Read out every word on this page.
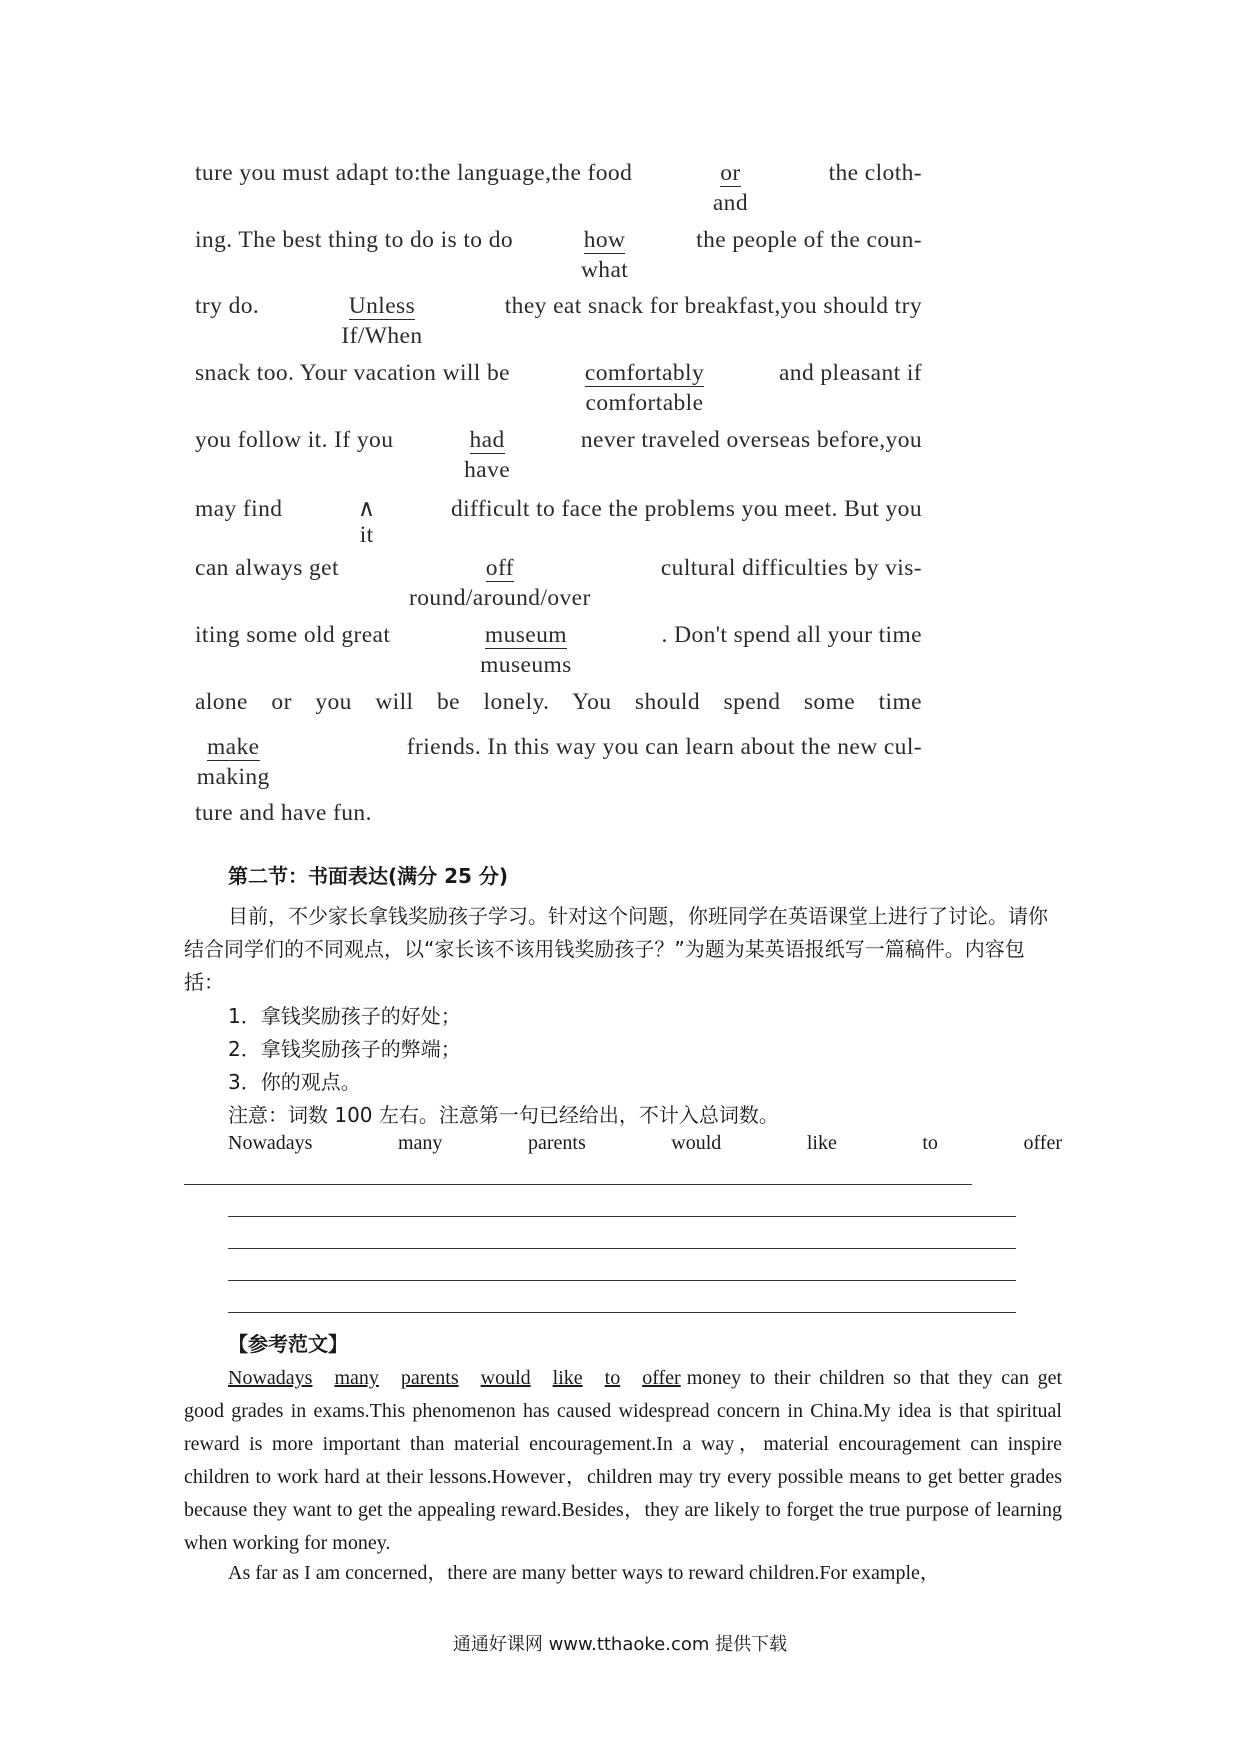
ture you must adapt to:the language,the food	or
and
the cloth-
ing. The best thing to do is to do	how
what
the people of the coun-
try do.	Unless
If/When
they eat snack for breakfast,you should try
snack too. Your vacation will be	comfortably
comfortable
and pleasant if
you follow it. If you	had
have
never traveled overseas before,you
may find	∧
it
difficult to face the problems you meet. But you
can always get	off
round/around/over
cultural difficulties by vis-
iting some old great	museum
museums
. Don't spend all your time
alone or you will be lonely. You should spend some time
make
making
friends. In this way you can learn about the new cul-
ture and have fun.
第二节：书面表达(满分 25 分)
目前，不少家长拿钱奖励孩子学习。针对这个问题，你班同学在英语课堂上进行了讨论。请你结合同学们的不同观点，以“家长该不该用钱奖励孩子？”为题为某英语报纸写一篇稿件。内容包括：
1．拿钱奖励孩子的好处；
2．拿钱奖励孩子的弊端；
3．你的观点。
注意：词数 100 左右。注意第一句已经给出，不计入总词数。
Nowadays	many	parents	would	like	to	offer
【参考范文】
Nowadays many parents would like to offer money to their children so that they can get good grades in exams.This phenomenon has caused widespread concern in China.My idea is that spiritual reward is more important than material encouragement.In a way，material encouragement can inspire children to work hard at their lessons.However，children may try every possible means to get better grades because they want to get the appealing reward.Besides，they are likely to forget the true purpose of learning when working for money.
As far as I am concerned，there are many better ways to reward children.For example，
通通好课网 www.tthaoke.com 提供下载
